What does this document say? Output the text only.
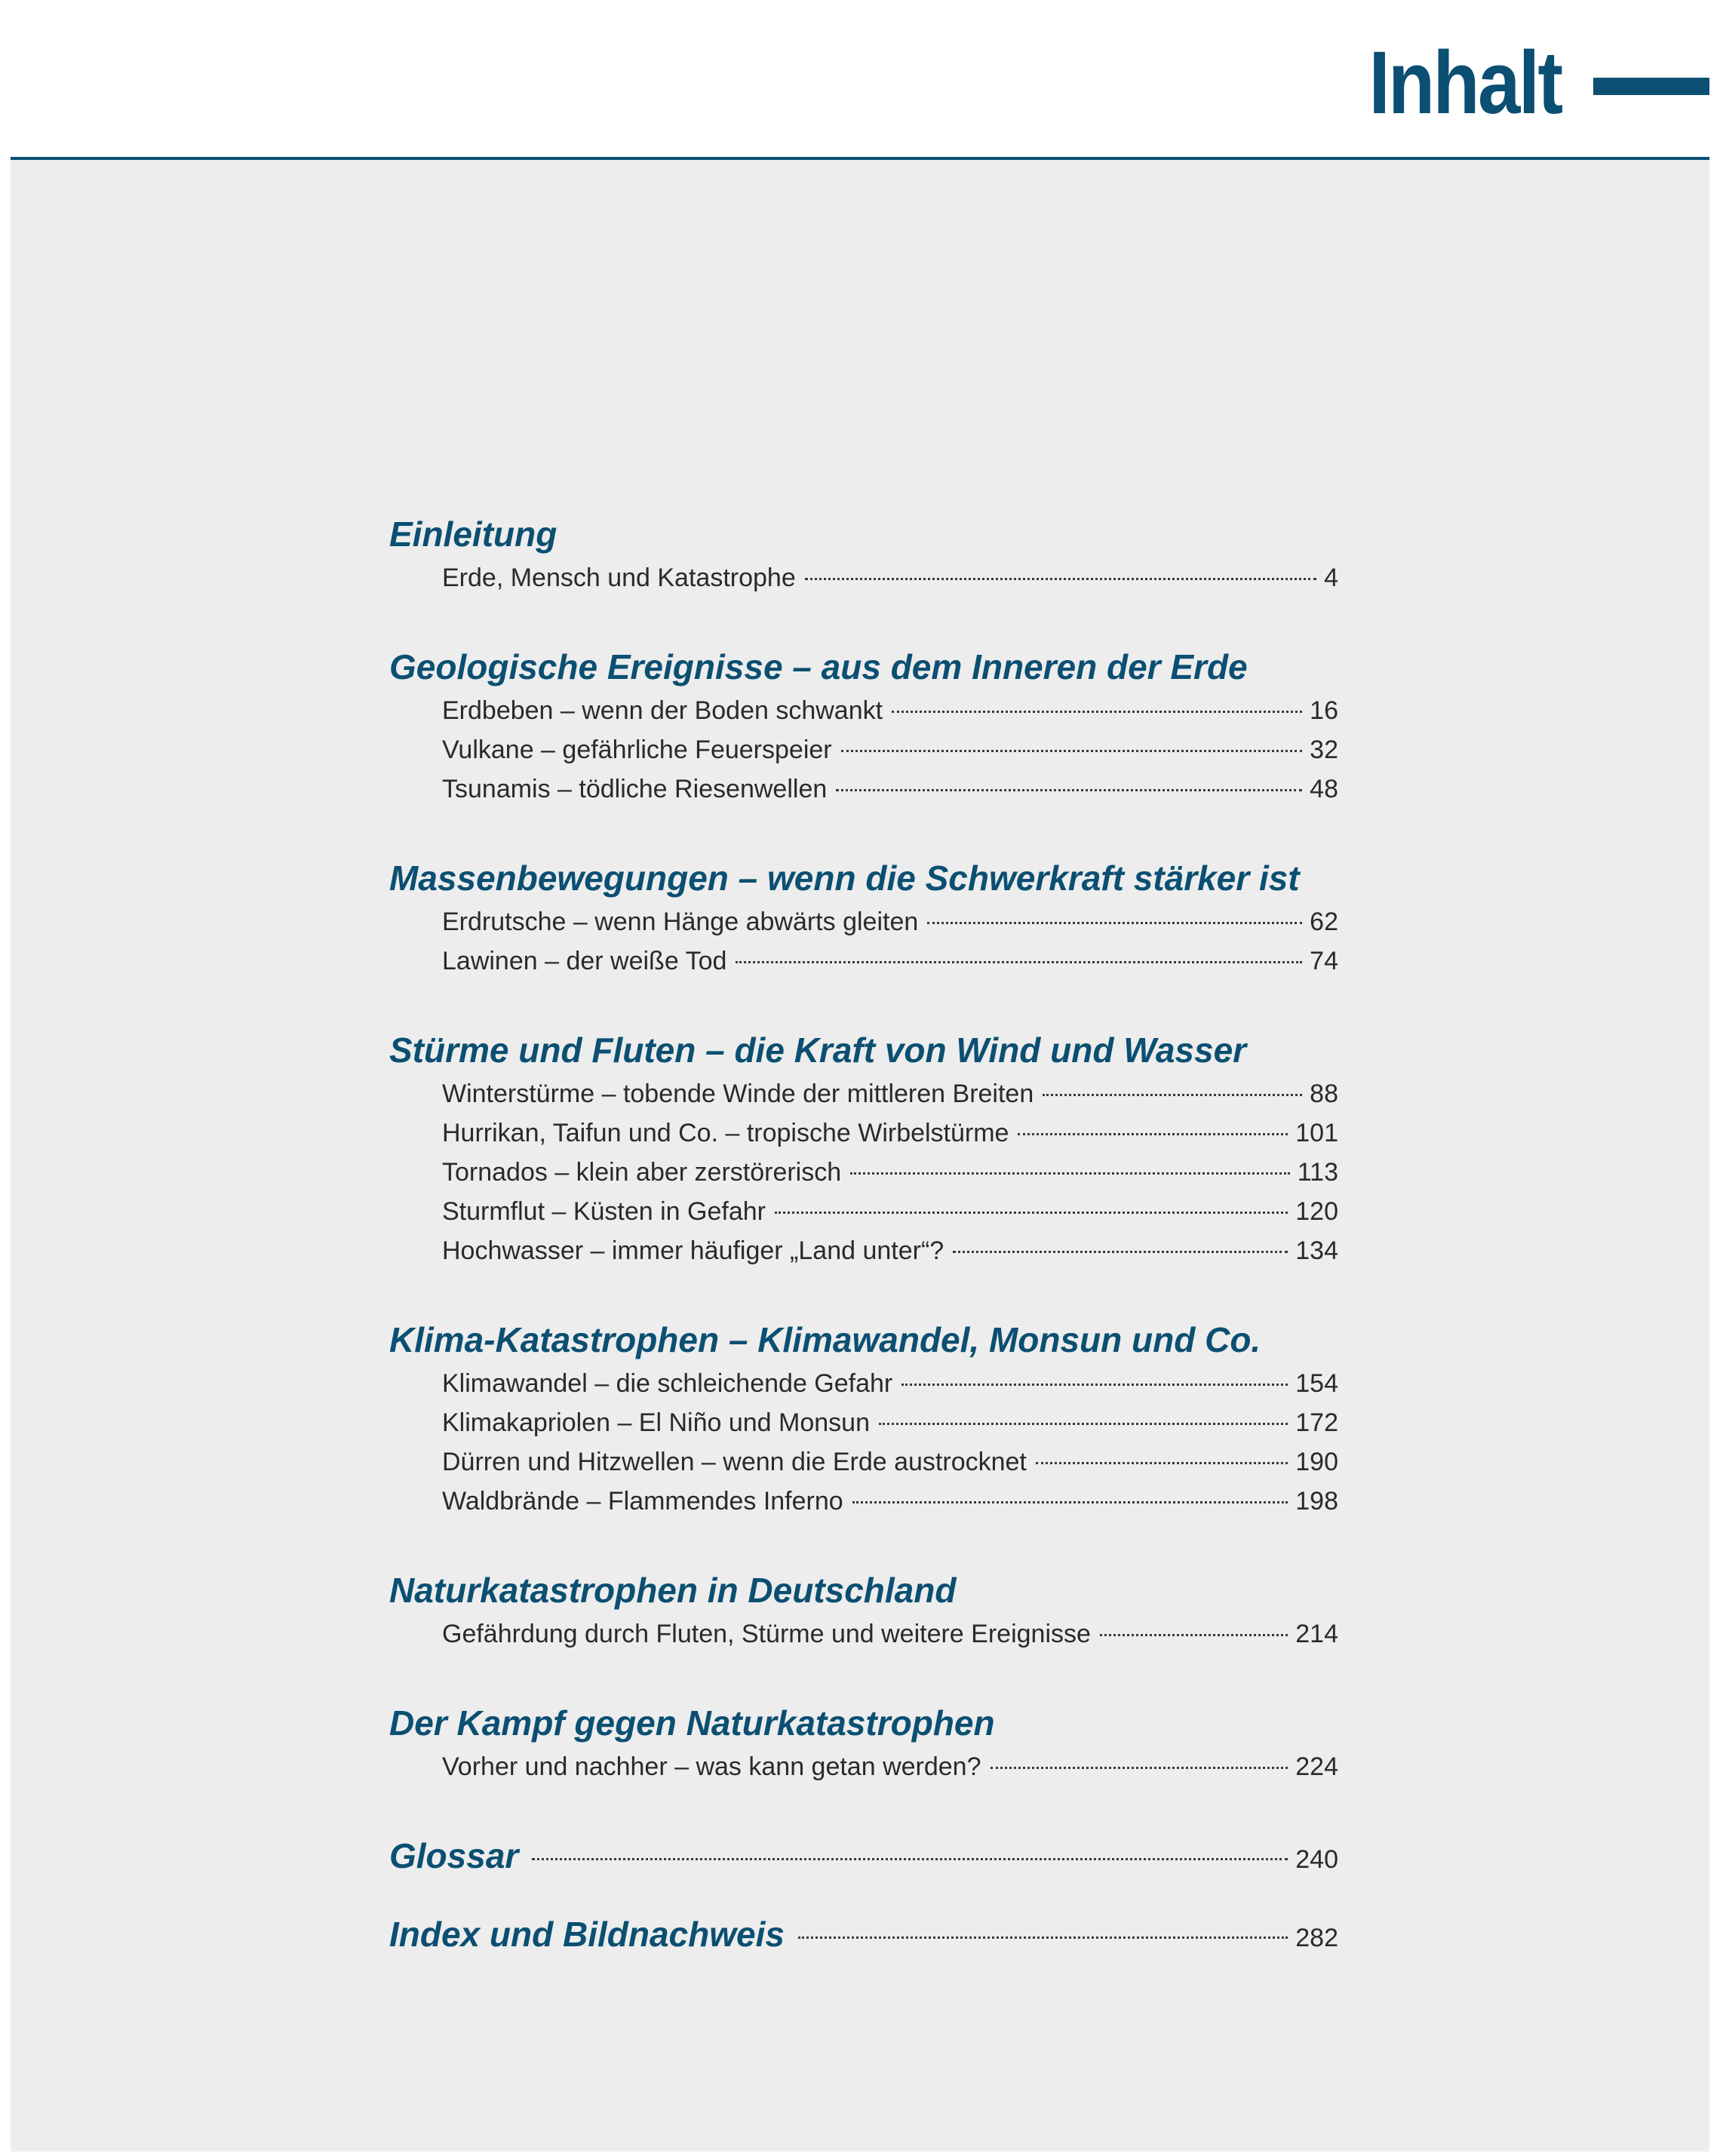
Inhalt
Einleitung
Erde, Mensch und Katastrophe	4
Geologische Ereignisse – aus dem Inneren der Erde
Erdbeben – wenn der Boden schwankt	16
Vulkane – gefährliche Feuerspeier	32
Tsunamis – tödliche Riesenwellen	48
Massenbewegungen – wenn die Schwerkraft stärker ist
Erdrutsche – wenn Hänge abwärts gleiten	62
Lawinen – der weiße Tod	74
Stürme und Fluten – die Kraft von Wind und Wasser
Winterstürme – tobende Winde der mittleren Breiten	88
Hurrikan, Taifun und Co. – tropische Wirbelstürme	101
Tornados – klein aber zerstörerisch	113
Sturmflut – Küsten in Gefahr	120
Hochwasser – immer häufiger „Land unter“?	134
Klima-Katastrophen – Klimawandel, Monsun und Co.
Klimawandel – die schleichende Gefahr	154
Klimakapriolen – El Niño und Monsun	172
Dürren und Hitzwellen – wenn die Erde austrocknet	190
Waldbrände – Flammendes Inferno	198
Naturkatastrophen in Deutschland
Gefährdung durch Fluten, Stürme und weitere Ereignisse	214
Der Kampf gegen Naturkatastrophen
Vorher und nachher – was kann getan werden?	224
Glossar	240
Index und Bildnachweis	282
